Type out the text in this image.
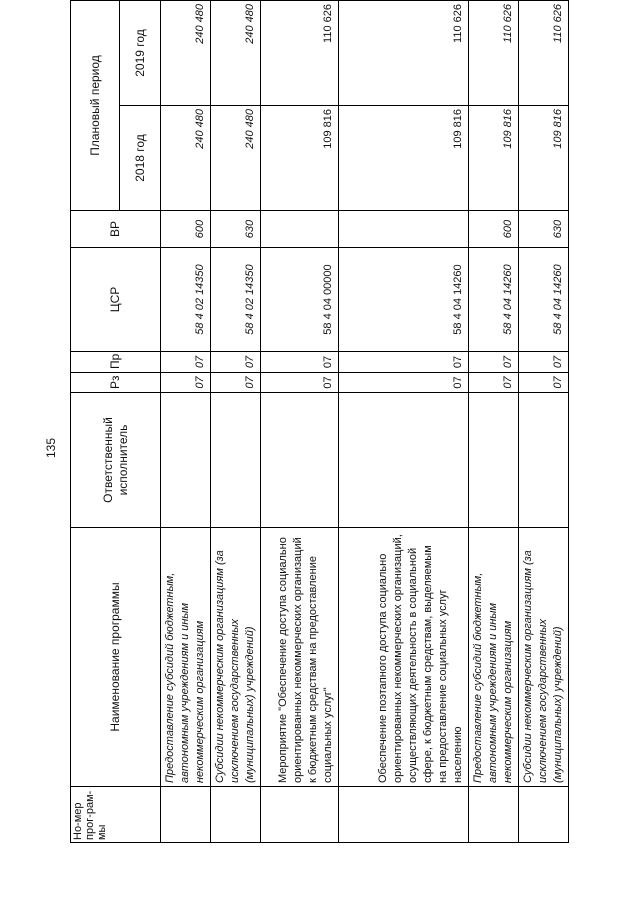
135
Но-мер прог-рам-мы	Наименование программы	Ответственный исполнитель	Рз	Пр	ЦСР	ВР	Плановый период	
							2018 год	2019 год
	Предоставление субсидий бюджетным, автономным учреждениям и иным некоммерческим организациям		07	07	58 4 02 14350	600	240 480	240 480
	Субсидии некоммерческим организациям (за исключением государственных (муниципальных) учреждений)		07	07	58 4 02 14350	630	240 480	240 480
	Мероприятие "Обеспечение доступа социально ориентированных некоммерческих организаций к бюджетным средствам на предоставление социальных услуг"		07	07	58 4 04 00000		109 816	110 626
	Обеспечение поэтапного доступа социально ориентированных некоммерческих организаций, осуществляющих деятельность в социальной сфере, к бюджетным средствам, выделяемым на предоставление социальных услуг населению		07	07	58 4 04 14260		109 816	110 626
	Предоставление субсидий бюджетным, автономным учреждениям и иным некоммерческим организациям		07	07	58 4 04 14260	600	109 816	110 626
	Субсидии некоммерческим организациям (за исключением государственных (муниципальных) учреждений)		07	07	58 4 04 14260	630	109 816	110 626
